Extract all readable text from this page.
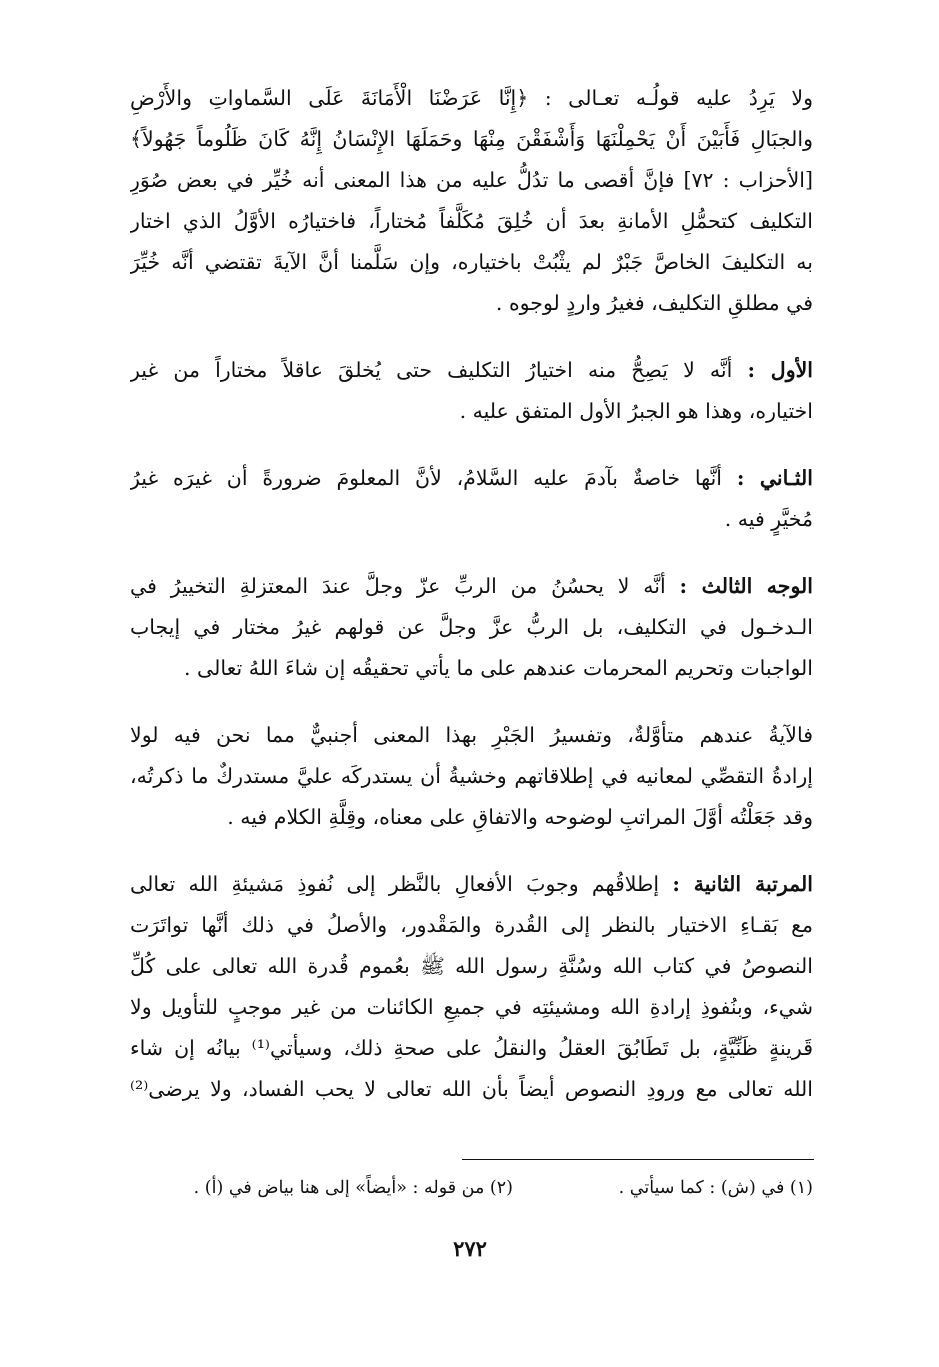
ولا يَرِدُ عليه قولُـه تعـالى : ﴿إِنَّا عَرَضْنَا الْأَمَانَةَ عَلَى السَّماواتِ والأَرْضِ
والجبَالِ فَأَبَيْنَ أَنْ يَحْمِلْنَهَا وَأَشْفَقْنَ مِنْهَا وحَمَلَهَا الإِنْسَانُ إِنَّهُ كَانَ ظَلُوماً جَهُولاً﴾
[الأحزاب : ٧٢] فإنَّ أقصى ما تدُلُّ عليه من هذا المعنى أنه خُيِّر في بعض صُوَرِ
التكليف كتحمُّلِ الأمانةِ بعدَ أن خُلِقَ مُكَلَّفاً مُختاراً، فاختيارُه الأوَّلُ الذي اختار
به التكليفَ الخاصَّ جَبْرٌ لم يثْبُتْ باختياره، وإن سَلَّمنا أنَّ الآيةَ تقتضي أنَّه خُيِّرَ
في مطلقِ التكليف، فغيرُ واردٍ لوجوه .
الأول : أنَّه لا يَصِحُّ منه اختيارُ التكليف حتى يُخلقَ عاقلاً مختاراً من غير
اختياره، وهذا هو الجبرُ الأول المتفق عليه .
الثـاني : أنَّها خاصةٌ بآدمَ عليه السَّلامُ، لأنَّ المعلومَ ضرورةً أن غيرَه غيرُ
مُخيَّرٍ فيه .
الوجه الثالث : أنَّه لا يحسُنُ من الربِّ عزّ وجلَّ عندَ المعتزلةِ التخييرُ في
الـدخـول في التكليف، بل الربُّ عزَّ وجلَّ عن قولهم غيرُ مختار في إيجاب
الواجبات وتحريم المحرمات عندهم على ما يأتي تحقيقُه إن شاءَ اللهُ تعالى .
فالآيةُ عندهم متأوَّلةٌ، وتفسيرُ الجَبْرِ بهذا المعنى أجنبيٌّ مما نحن فيه لولا
إرادةُ التقصِّي لمعانيه في إطلاقاتهم وخشيةُ أن يستدركَه عليَّ مستدركٌ ما ذكرتُه،
وقد جَعَلْتُه أوَّلَ المراتبِ لوضوحه والاتفاقِ على معناه، وقِلَّةِ الكلام فيه .
المرتبة الثانية : إطلاقُهم وجوبَ الأفعالِ بالنَّظر إلى نُفوذِ مَشيئةِ الله تعالى
مع بَقـاءِ الاختيار بالنظر إلى القُدرة والمَقْدور، والأصلُ في ذلك أنَّها تواتَرَت
النصوصُ في كتاب الله وسُنَّةِ رسول الله ﷺ بعُموم قُدرة الله تعالى على كُلِّ
شيء، وبنُفوذِ إرادةِ الله ومشيئتِه في جميعِ الكائنات من غير موجبٍ للتأويل ولا
قَرينةٍ ظَنِّيَّةٍ، بل تَطَابُقَ العقلُ والنقلُ على صحةِ ذلك، وسيأتي⁽¹⁾ بيانُه إن شاء
الله تعالى مع ورودِ النصوص أيضاً بأن الله تعالى لا يحب الفساد، ولا يرضى⁽²⁾
(١) في (ش) : كما سيأتي .(٢) من قوله : «أيضاً» إلى هنا بياض في (أ) .
٢٧٢
